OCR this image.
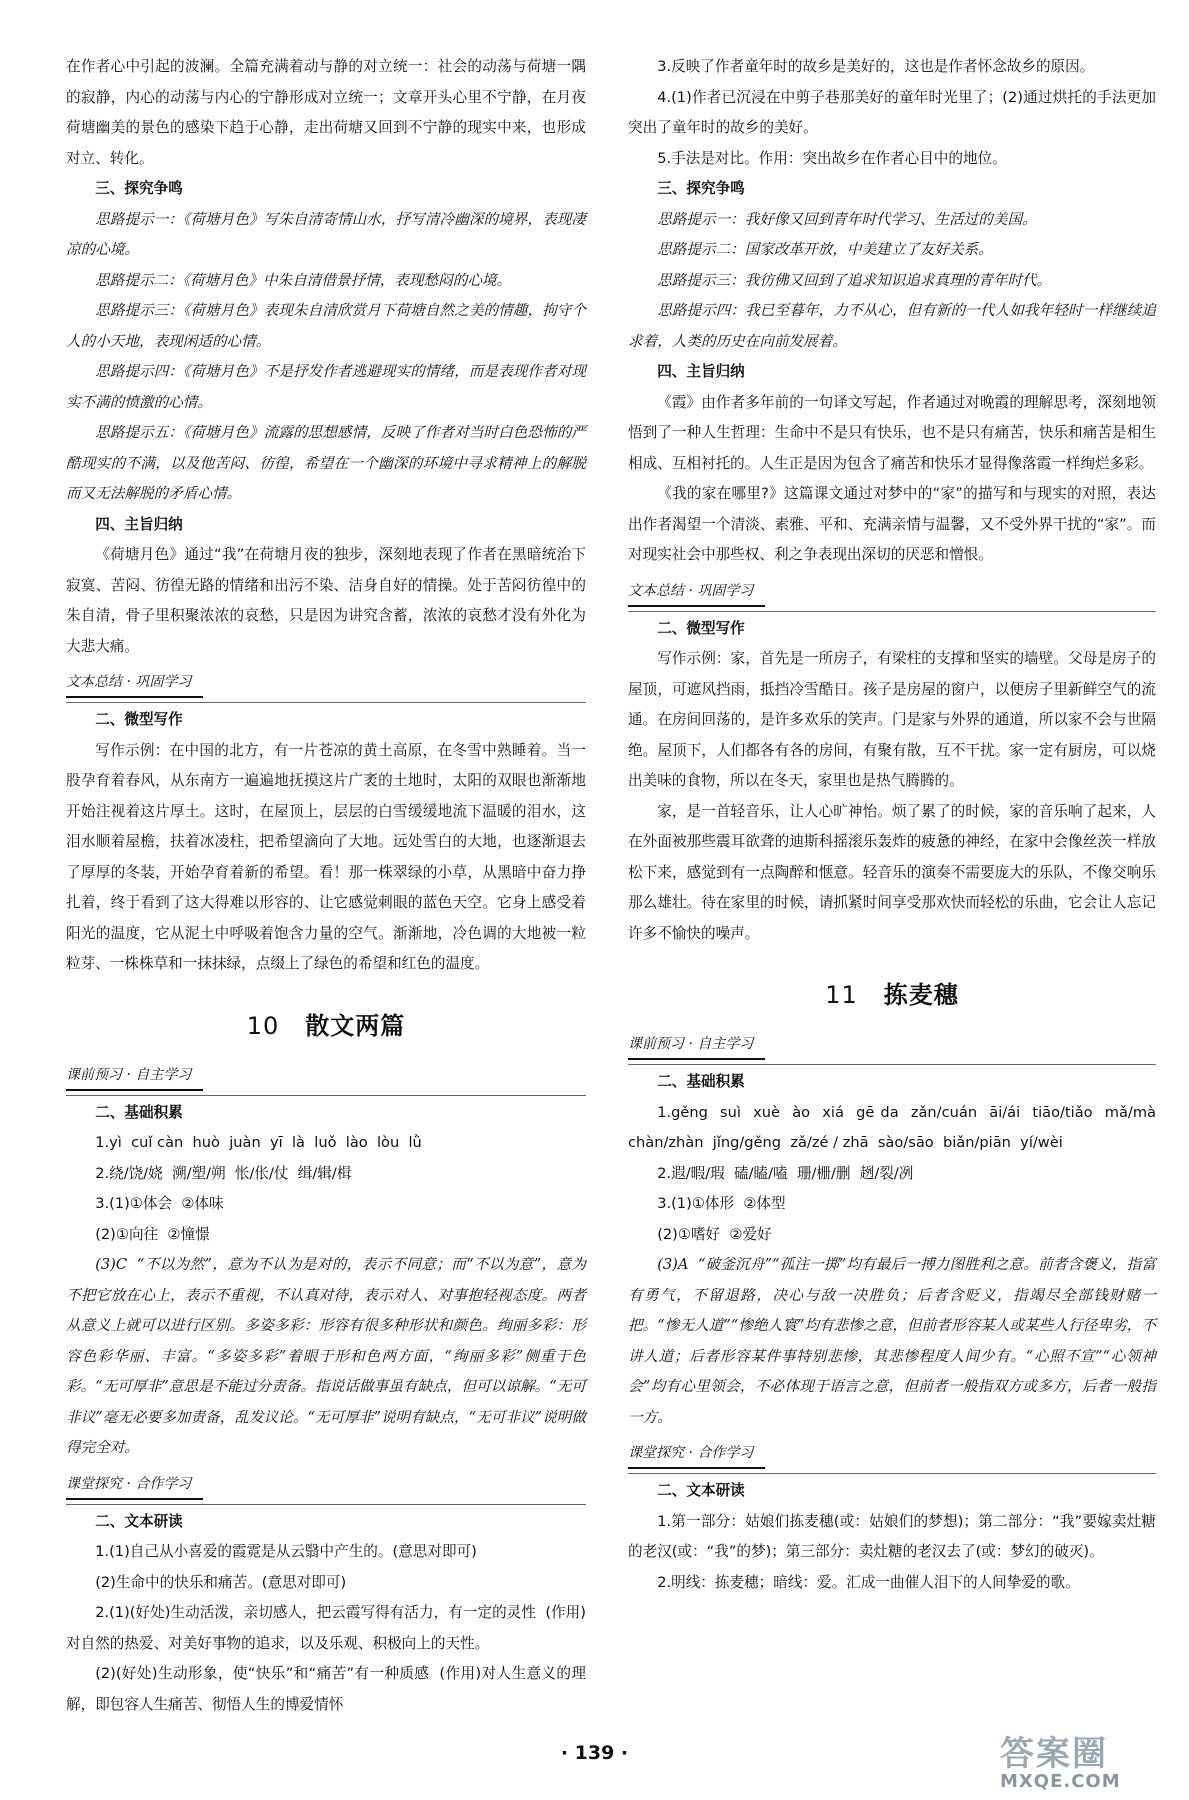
在作者心中引起的波澜。全篇充满着动与静的对立统一：社会的动荡与荷塘一隅的寂静，内心的动荡与内心的宁静形成对立统一；文章开头心里不宁静，在月夜荷塘幽美的景色的感染下趋于心静，走出荷塘又回到不宁静的现实中来，也形成对立、转化。

三、探究争鸣

思路提示一：《荷塘月色》写朱自清寄情山水，抒写清冷幽深的境界，表现凄凉的心境。

思路提示二：《荷塘月色》中朱自清借景抒情，表现愁闷的心境。

思路提示三：《荷塘月色》表现朱自清欣赏月下荷塘自然之美的情趣，拘守个人的小天地，表现闲适的心情。

思路提示四：《荷塘月色》不是抒发作者逃避现实的情绪，而是表现作者对现实不满的愤激的心情。

思路提示五：《荷塘月色》流露的思想感情，反映了作者对当时白色恐怖的严酷现实的不满，以及他苦闷、彷徨，希望在一个幽深的环境中寻求精神上的解脱而又无法解脱的矛盾心情。

四、主旨归纳

《荷塘月色》通过“我”在荷塘月夜的独步，深刻地表现了作者在黑暗统治下寂寞、苦闷、彷徨无路的情绪和出污不染、洁身自好的情操。处于苦闷彷徨中的朱自清，骨子里积聚浓浓的哀愁，只是因为讲究含蓄，浓浓的哀愁才没有外化为大悲大痛。

文本总结 · 巩固学习

二、微型写作

写作示例：在中国的北方，有一片苍凉的黄土高原，在冬雪中熟睡着。当一股孕育着春风，从东南方一遍遍地抚摸这片广袤的土地时，太阳的双眼也渐渐地开始注视着这片厚土。这时，在屋顶上，层层的白雪缓缓地流下温暖的泪水，这泪水顺着屋檐，扶着冰凌柱，把希望滴向了大地。远处雪白的大地，也逐渐退去了厚厚的冬装，开始孕育着新的希望。看！那一株翠绿的小草，从黑暗中奋力挣扎着，终于看到了这大得难以形容的、让它感觉刺眼的蓝色天空。它身上感受着阳光的温度，它从泥土中呼吸着饱含力量的空气。渐渐地，冷色调的大地被一粒粒芽、一株株草和一抹抹绿，点缀上了绿色的希望和红色的温度。

10 散文两篇
课前预习 · 自主学习

二、基础积累

1.yì  cuǐ càn  huò  juàn  yī  là  luǒ  lào  lòu  lǜ

2.绕/饶/娆  溯/塑/朔  怅/伥/仗  缉/辑/楫

3.(1)①体会  ②体味

(2)①向往  ②憧憬

(3)C  “不以为然”，意为不认为是对的，表示不同意；而“不以为意”，意为不把它放在心上，表示不重视，不认真对待，表示对人、对事抱轻视态度。两者从意义上就可以进行区别。多姿多彩：形容有很多种形状和颜色。绚丽多彩：形容色彩华丽、丰富。“多姿多彩”着眼于形和色两方面，“绚丽多彩”侧重于色彩。“无可厚非”意思是不能过分责备。指说话做事虽有缺点，但可以谅解。“无可非议”毫无必要多加责备，乱发议论。“无可厚非”说明有缺点，“无可非议”说明做得完全对。

课堂探究 · 合作学习

二、文本研读

1.(1)自己从小喜爱的霞霓是从云翳中产生的。(意思对即可)

(2)生命中的快乐和痛苦。(意思对即可)

2.(1)(好处)生动活泼，亲切感人，把云霞写得有活力，有一定的灵性  (作用)对自然的热爱、对美好事物的追求，以及乐观、积极向上的天性。

(2)(好处)生动形象，使“快乐”和“痛苦”有一种质感  (作用)对人生意义的理解，即包容人生痛苦、彻悟人生的博爱情怀

3.反映了作者童年时的故乡是美好的，这也是作者怀念故乡的原因。

4.(1)作者已沉浸在中剪子巷那美好的童年时光里了；(2)通过烘托的手法更加突出了童年时的故乡的美好。

5.手法是对比。作用：突出故乡在作者心目中的地位。

三、探究争鸣

思路提示一：我好像又回到青年时代学习、生活过的美国。

思路提示二：国家改革开放，中美建立了友好关系。

思路提示三：我彷佛又回到了追求知识追求真理的青年时代。

思路提示四：我已至暮年，力不从心，但有新的一代人如我年轻时一样继续追求着，人类的历史在向前发展着。

四、主旨归纳

《霞》由作者多年前的一句译文写起，作者通过对晚霞的理解思考，深刻地领悟到了一种人生哲理：生命中不是只有快乐，也不是只有痛苦，快乐和痛苦是相生相成、互相衬托的。人生正是因为包含了痛苦和快乐才显得像落霞一样绚烂多彩。

《我的家在哪里?》这篇课文通过对梦中的“家”的描写和与现实的对照，表达出作者渴望一个清淡、素雅、平和、充满亲情与温馨，又不受外界干扰的“家”。而对现实社会中那些权、利之争表现出深切的厌恶和憎恨。

文本总结 · 巩固学习

二、微型写作

写作示例：家，首先是一所房子，有梁柱的支撑和坚实的墙壁。父母是房子的屋顶，可遮风挡雨，抵挡冷雪酷日。孩子是房屋的窗户，以便房子里新鲜空气的流通。在房间回荡的，是许多欢乐的笑声。门是家与外界的通道，所以家不会与世隔绝。屋顶下，人们都各有各的房间，有聚有散，互不干扰。家一定有厨房，可以烧出美味的食物，所以在冬天，家里也是热气腾腾的。

家，是一首轻音乐，让人心旷神怡。烦了累了的时候，家的音乐响了起来，人在外面被那些震耳欲聋的迪斯科摇滚乐轰炸的疲惫的神经，在家中会像丝茨一样放松下来，感觉到有一点陶醉和惬意。轻音乐的演奏不需要庞大的乐队，不像交响乐那么雄壮。待在家里的时候，请抓紧时间享受那欢快而轻松的乐曲，它会让人忘记许多不愉快的噪声。

11 拣麦穗
课前预习 · 自主学习

二、基础积累

1.gěng  suì  xuè  ào  xiá  gē da  zǎn/cuán  āi/ái  tiāo/tiǎo  mǎ/mà  chàn/zhàn  jǐng/gěng  zǎ/zé / zhā  sào/sāo  biǎn/piān  yí/wèi

2.遐/暇/瑕  磕/瞌/嗑  珊/栅/删  趔/裂/冽

3.(1)①体形  ②体型

(2)①嗜好  ②爱好

(3)A  “破釜沉舟”“孤注一掷”均有最后一搏力图胜利之意。前者含褒义，指富有勇气，不留退路，决心与敌一决胜负；后者含贬义，指竭尽全部钱财赌一把。“惨无人道”“惨绝人寰”均有悲惨之意，但前者形容某人或某些人行径卑劣，不讲人道；后者形容某件事特别悲惨，其悲惨程度人间少有。“心照不宣”“心领神会”均有心里领会，不必体现于语言之意，但前者一般指双方或多方，后者一般指一方。

课堂探究 · 合作学习

二、文本研读

1.第一部分：姑娘们拣麦穗(或：姑娘们的梦想)；第二部分：“我”要嫁卖灶糖的老汉(或：“我”的梦)；第三部分：卖灶糖的老汉去了(或：梦幻的破灭)。

2.明线：拣麦穗；暗线：爱。汇成一曲催人泪下的人间挚爱的歌。

· 139 ·	答案圈
MXQE.COM
